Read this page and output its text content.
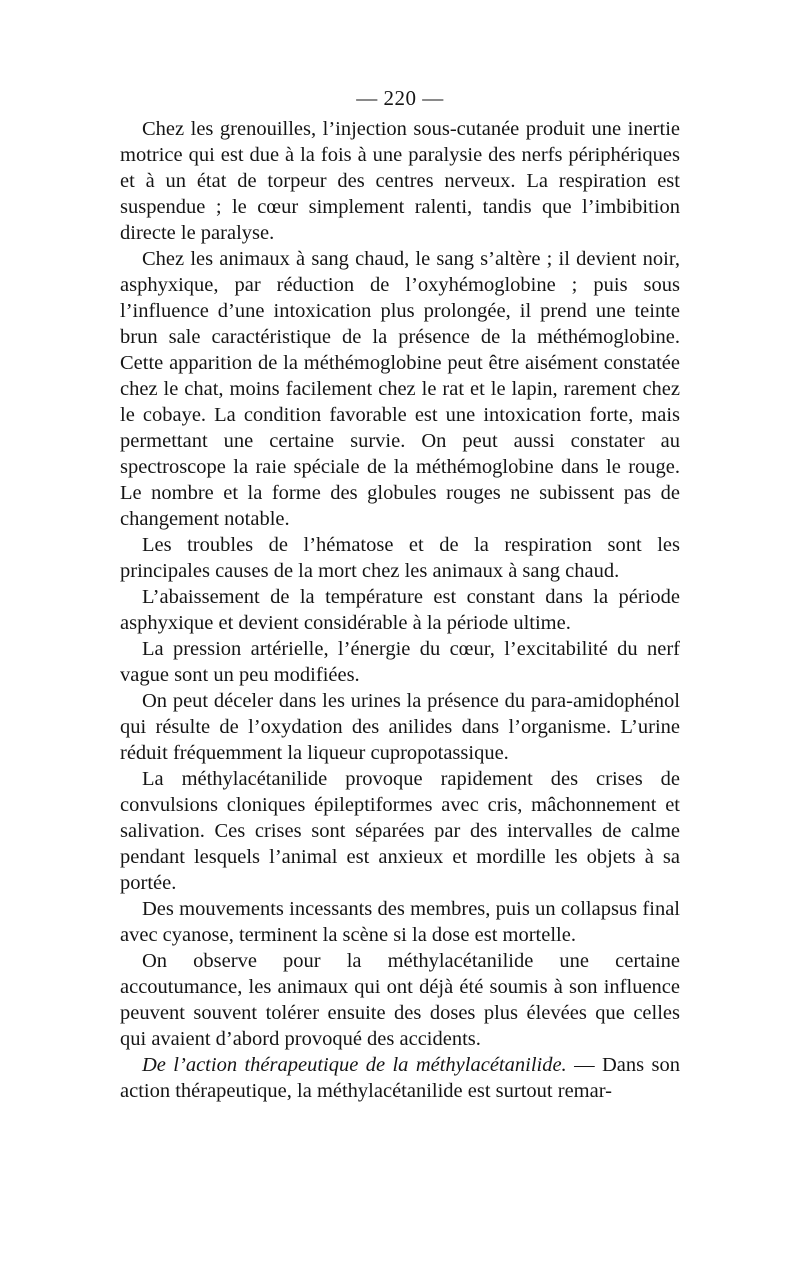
— 220 —

Chez les grenouilles, l’injection sous-cutanée produit une inertie motrice qui est due à la fois à une paralysie des nerfs périphériques et à un état de torpeur des centres nerveux. La respiration est suspendue ; le cœur simplement ralenti, tandis que l’imbibition directe le paralyse.

Chez les animaux à sang chaud, le sang s’altère ; il devient noir, asphyxique, par réduction de l’oxyhémoglobine ; puis sous l’influence d’une intoxication plus prolongée, il prend une teinte brun sale caractéristique de la présence de la méthémoglobine. Cette apparition de la méthémoglobine peut être aisément constatée chez le chat, moins facilement chez le rat et le lapin, rarement chez le cobaye. La condition favorable est une intoxication forte, mais permettant une certaine survie. On peut aussi constater au spectroscope la raie spéciale de la méthémoglobine dans le rouge. Le nombre et la forme des globules rouges ne subissent pas de changement notable.

Les troubles de l’hématose et de la respiration sont les principales causes de la mort chez les animaux à sang chaud.

L’abaissement de la température est constant dans la période asphyxique et devient considérable à la période ultime.

La pression artérielle, l’énergie du cœur, l’excitabilité du nerf vague sont un peu modifiées.

On peut déceler dans les urines la présence du para-amidophénol qui résulte de l’oxydation des anilides dans l’organisme. L’urine réduit fréquemment la liqueur cupropotassique.

La méthylacétanilide provoque rapidement des crises de convulsions cloniques épileptiformes avec cris, mâchonnement et salivation. Ces crises sont séparées par des intervalles de calme pendant lesquels l’animal est anxieux et mordille les objets à sa portée.

Des mouvements incessants des membres, puis un collapsus final avec cyanose, terminent la scène si la dose est mortelle.

On observe pour la méthylacétanilide une certaine accoutumance, les animaux qui ont déjà été soumis à son influence peuvent souvent tolérer ensuite des doses plus élevées que celles qui avaient d’abord provoqué des accidents.

De l’action thérapeutique de la méthylacétanilide. — Dans son action thérapeutique, la méthylacétanilide est surtout remar-
